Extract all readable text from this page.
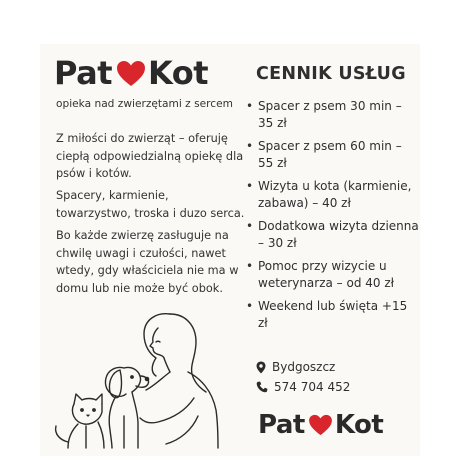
Pat Kot
opieka nad zwierzętami z sercem

Z miłości do zwierząt – oferuję ciepłą odpowiedzialną opiekę dla psów i kotów.

Spacery, karmienie, towarzystwo, troska i duzo serca.

Bo każde zwierzę zasługuje na chwilę uwagi i czułości, nawet wtedy, gdy właściciela nie ma w domu lub nie może być obok.

CENNIK USŁUG
• Spacer z psem 30 min – 35 zł
• Spacer z psem 60 min – 55 zł
• Wizyta u kota (karmienie, zabawa) – 40 zł
• Dodatkowa wizyta dzienna – 30 zł
• Pomoc przy wizycie u weterynarza – od 40 zł
• Weekend lub święta +15 zł
Bydgoszcz
574 704 452
Pat Kot
